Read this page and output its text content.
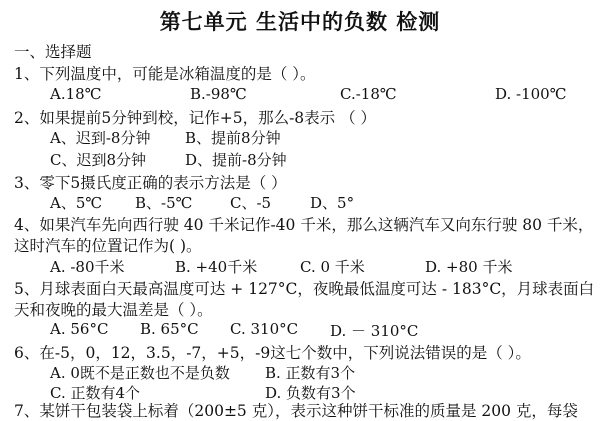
第七单元 生活中的负数 检测
一、选择题
1、下列温度中，可能是冰箱温度的是（ ）。
A.18℃	B.-98℃	C.-18℃	D. -100℃
2、如果提前5分钟到校，记作+5，那么-8表示 （ ）
A、迟到-8分钟 B、提前8分钟
C、迟到8分钟	D、提前-8分钟
3、零下5摄氏度正确的表示方法是（ ）
A、5℃ B、-5℃	C、-5	D、5°
4、如果汽车先向西行驶 40 千米记作-40 千米，那么这辆汽车又向东行驶 80 千米，
这时汽车的位置记作为( )。
A. -80千米	B. +40千米	C. 0 千米	D. +80 千米
5、月球表面白天最高温度可达 + 127°C，夜晚最低温度可达 - 183°C，月球表面白
天和夜晚的最大温差是（ ）。
A. 56°C B. 65°C C. 310°C D. － 310°C
6、在-5，0，12，3.5，-7，+5，-9这七个数中，下列说法错误的是（ ）。
A. 0既不是正数也不是负数 B. 正数有3个
C. 正数有4个	D. 负数有3个
7、某饼干包装袋上标着（200±5 克），表示这种饼干标准的质量是 200 克，每袋
